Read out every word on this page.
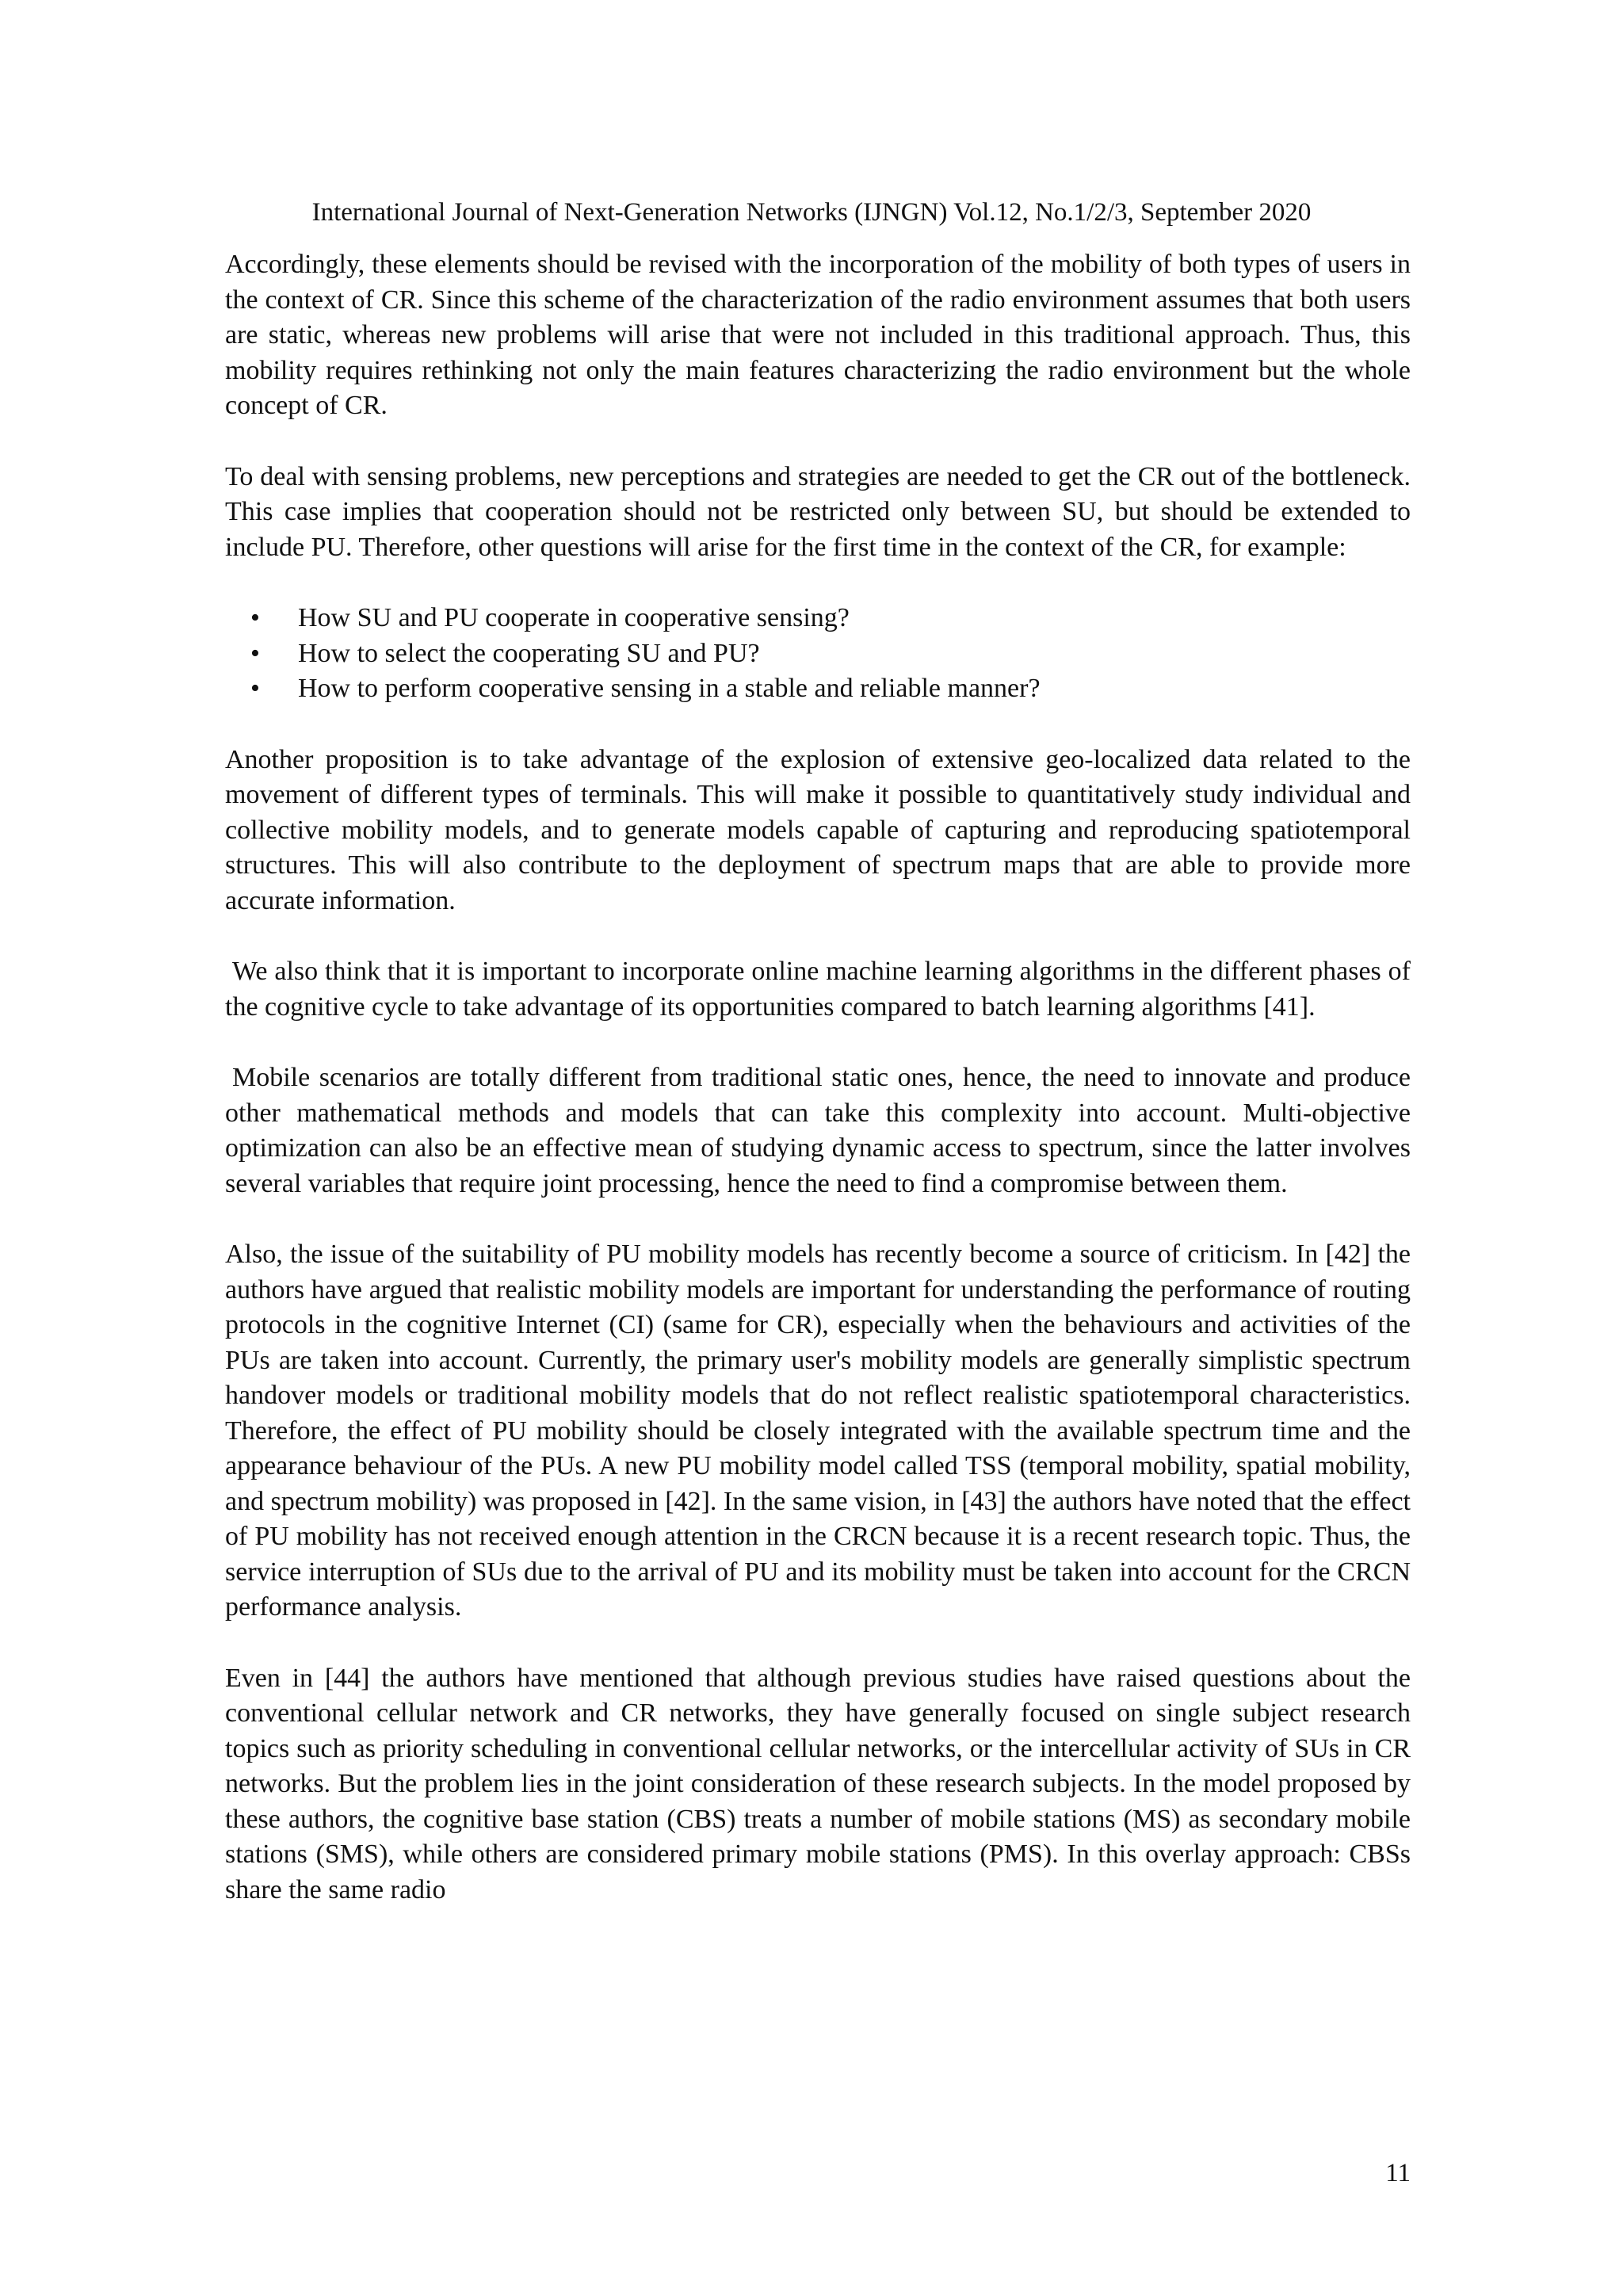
International Journal of Next-Generation Networks (IJNGN) Vol.12, No.1/2/3, September 2020

Accordingly, these elements should be revised with the incorporation of the mobility of both types of users in the context of CR. Since this scheme of the characterization of the radio environment assumes that both users are static, whereas new problems will arise that were not included in this traditional approach. Thus, this mobility requires rethinking not only the main features characterizing the radio environment but the whole concept of CR.

To deal with sensing problems, new perceptions and strategies are needed to get the CR out of the bottleneck. This case implies that cooperation should not be restricted only between SU, but should be extended to include PU. Therefore, other questions will arise for the first time in the context of the CR, for example:

• How SU and PU cooperate in cooperative sensing?
• How to select the cooperating SU and PU?
• How to perform cooperative sensing in a stable and reliable manner?

Another proposition is to take advantage of the explosion of extensive geo-localized data related to the movement of different types of terminals. This will make it possible to quantitatively study individual and collective mobility models, and to generate models capable of capturing and reproducing spatiotemporal structures. This will also contribute to the deployment of spectrum maps that are able to provide more accurate information.

We also think that it is important to incorporate online machine learning algorithms in the different phases of the cognitive cycle to take advantage of its opportunities compared to batch learning algorithms [41].

Mobile scenarios are totally different from traditional static ones, hence, the need to innovate and produce other mathematical methods and models that can take this complexity into account. Multi-objective optimization can also be an effective mean of studying dynamic access to spectrum, since the latter involves several variables that require joint processing, hence the need to find a compromise between them.

Also, the issue of the suitability of PU mobility models has recently become a source of criticism. In [42] the authors have argued that realistic mobility models are important for understanding the performance of routing protocols in the cognitive Internet (CI) (same for CR), especially when the behaviours and activities of the PUs are taken into account. Currently, the primary user's mobility models are generally simplistic spectrum handover models or traditional mobility models that do not reflect realistic spatiotemporal characteristics. Therefore, the effect of PU mobility should be closely integrated with the available spectrum time and the appearance behaviour of the PUs. A new PU mobility model called TSS (temporal mobility, spatial mobility, and spectrum mobility) was proposed in [42]. In the same vision, in [43] the authors have noted that the effect of PU mobility has not received enough attention in the CRCN because it is a recent research topic. Thus, the service interruption of SUs due to the arrival of PU and its mobility must be taken into account for the CRCN performance analysis.

Even in [44] the authors have mentioned that although previous studies have raised questions about the conventional cellular network and CR networks, they have generally focused on single subject research topics such as priority scheduling in conventional cellular networks, or the intercellular activity of SUs in CR networks. But the problem lies in the joint consideration of these research subjects. In the model proposed by these authors, the cognitive base station (CBS) treats a number of mobile stations (MS) as secondary mobile stations (SMS), while others are considered primary mobile stations (PMS). In this overlay approach: CBSs share the same radio

11
